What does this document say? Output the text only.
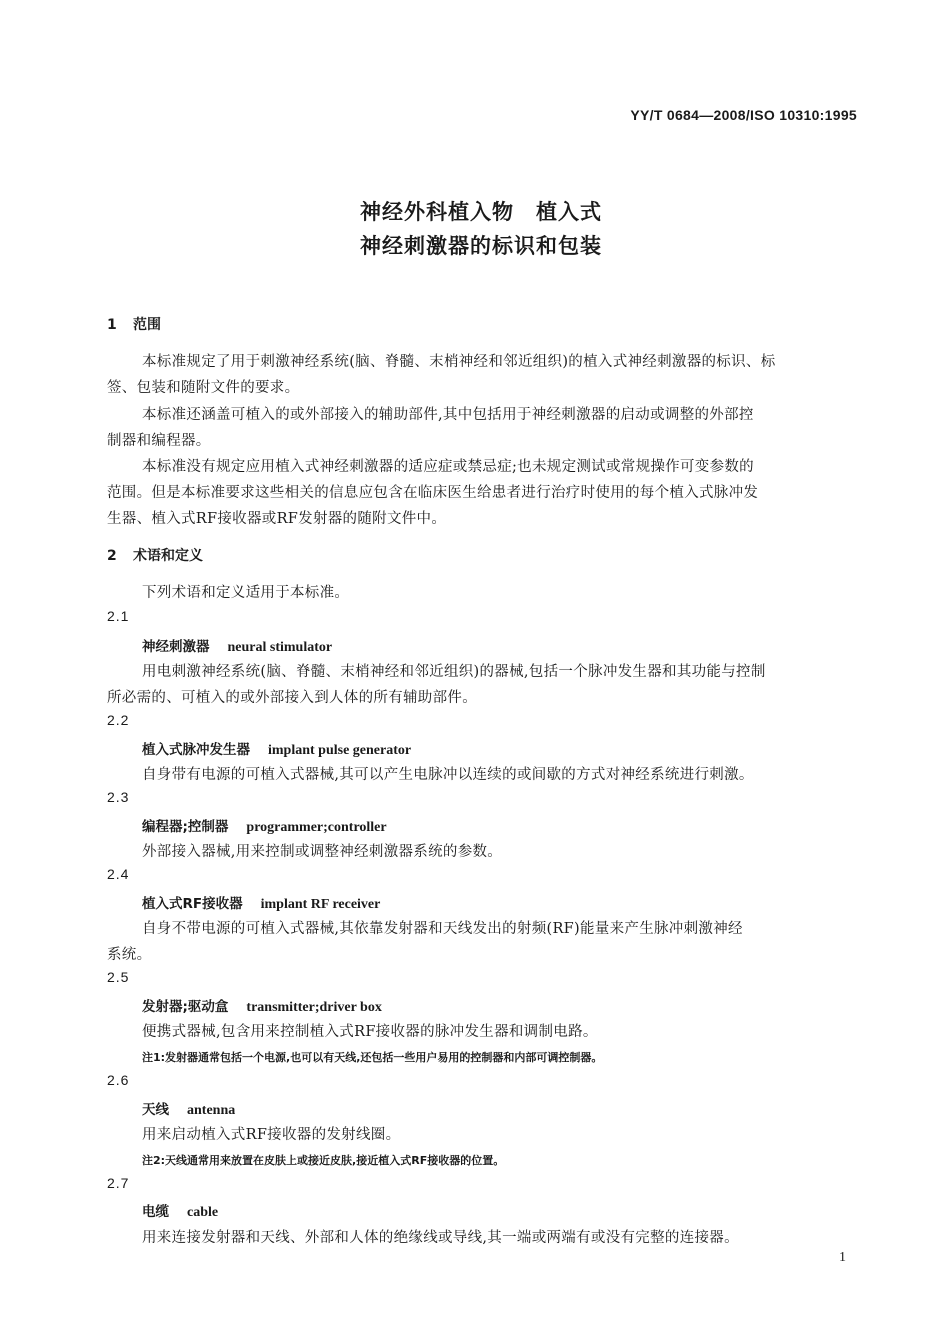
YY/T 0684—2008/ISO 10310:1995
神经外科植入物　植入式
神经刺激器的标识和包装
1 范围
本标准规定了用于刺激神经系统(脑、脊髓、末梢神经和邻近组织)的植入式神经刺激器的标识、标
签、包装和随附文件的要求。
本标准还涵盖可植入的或外部接入的辅助部件,其中包括用于神经刺激器的启动或调整的外部控
制器和编程器。
本标准没有规定应用植入式神经刺激器的适应症或禁忌症;也未规定测试或常规操作可变参数的
范围。但是本标准要求这些相关的信息应包含在临床医生给患者进行治疗时使用的每个植入式脉冲发
生器、植入式RF接收器或RF发射器的随附文件中。
2 术语和定义
下列术语和定义适用于本标准。
2.1
神经刺激器 neural stimulator
用电刺激神经系统(脑、脊髓、末梢神经和邻近组织)的器械,包括一个脉冲发生器和其功能与控制
所必需的、可植入的或外部接入到人体的所有辅助部件。
2.2
植入式脉冲发生器 implant pulse generator
自身带有电源的可植入式器械,其可以产生电脉冲以连续的或间歇的方式对神经系统进行刺激。
2.3
编程器;控制器 programmer;controller
外部接入器械,用来控制或调整神经刺激器系统的参数。
2.4
植入式RF接收器 implant RF receiver
自身不带电源的可植入式器械,其依靠发射器和天线发出的射频(RF)能量来产生脉冲刺激神经
系统。
2.5
发射器;驱动盒 transmitter;driver box
便携式器械,包含用来控制植入式RF接收器的脉冲发生器和调制电路。
注1:发射器通常包括一个电源,也可以有天线,还包括一些用户易用的控制器和内部可调控制器。
2.6
天线 antenna
用来启动植入式RF接收器的发射线圈。
注2:天线通常用来放置在皮肤上或接近皮肤,接近植入式RF接收器的位置。
2.7
电缆 cable
用来连接发射器和天线、外部和人体的绝缘线或导线,其一端或两端有或没有完整的连接器。
1
